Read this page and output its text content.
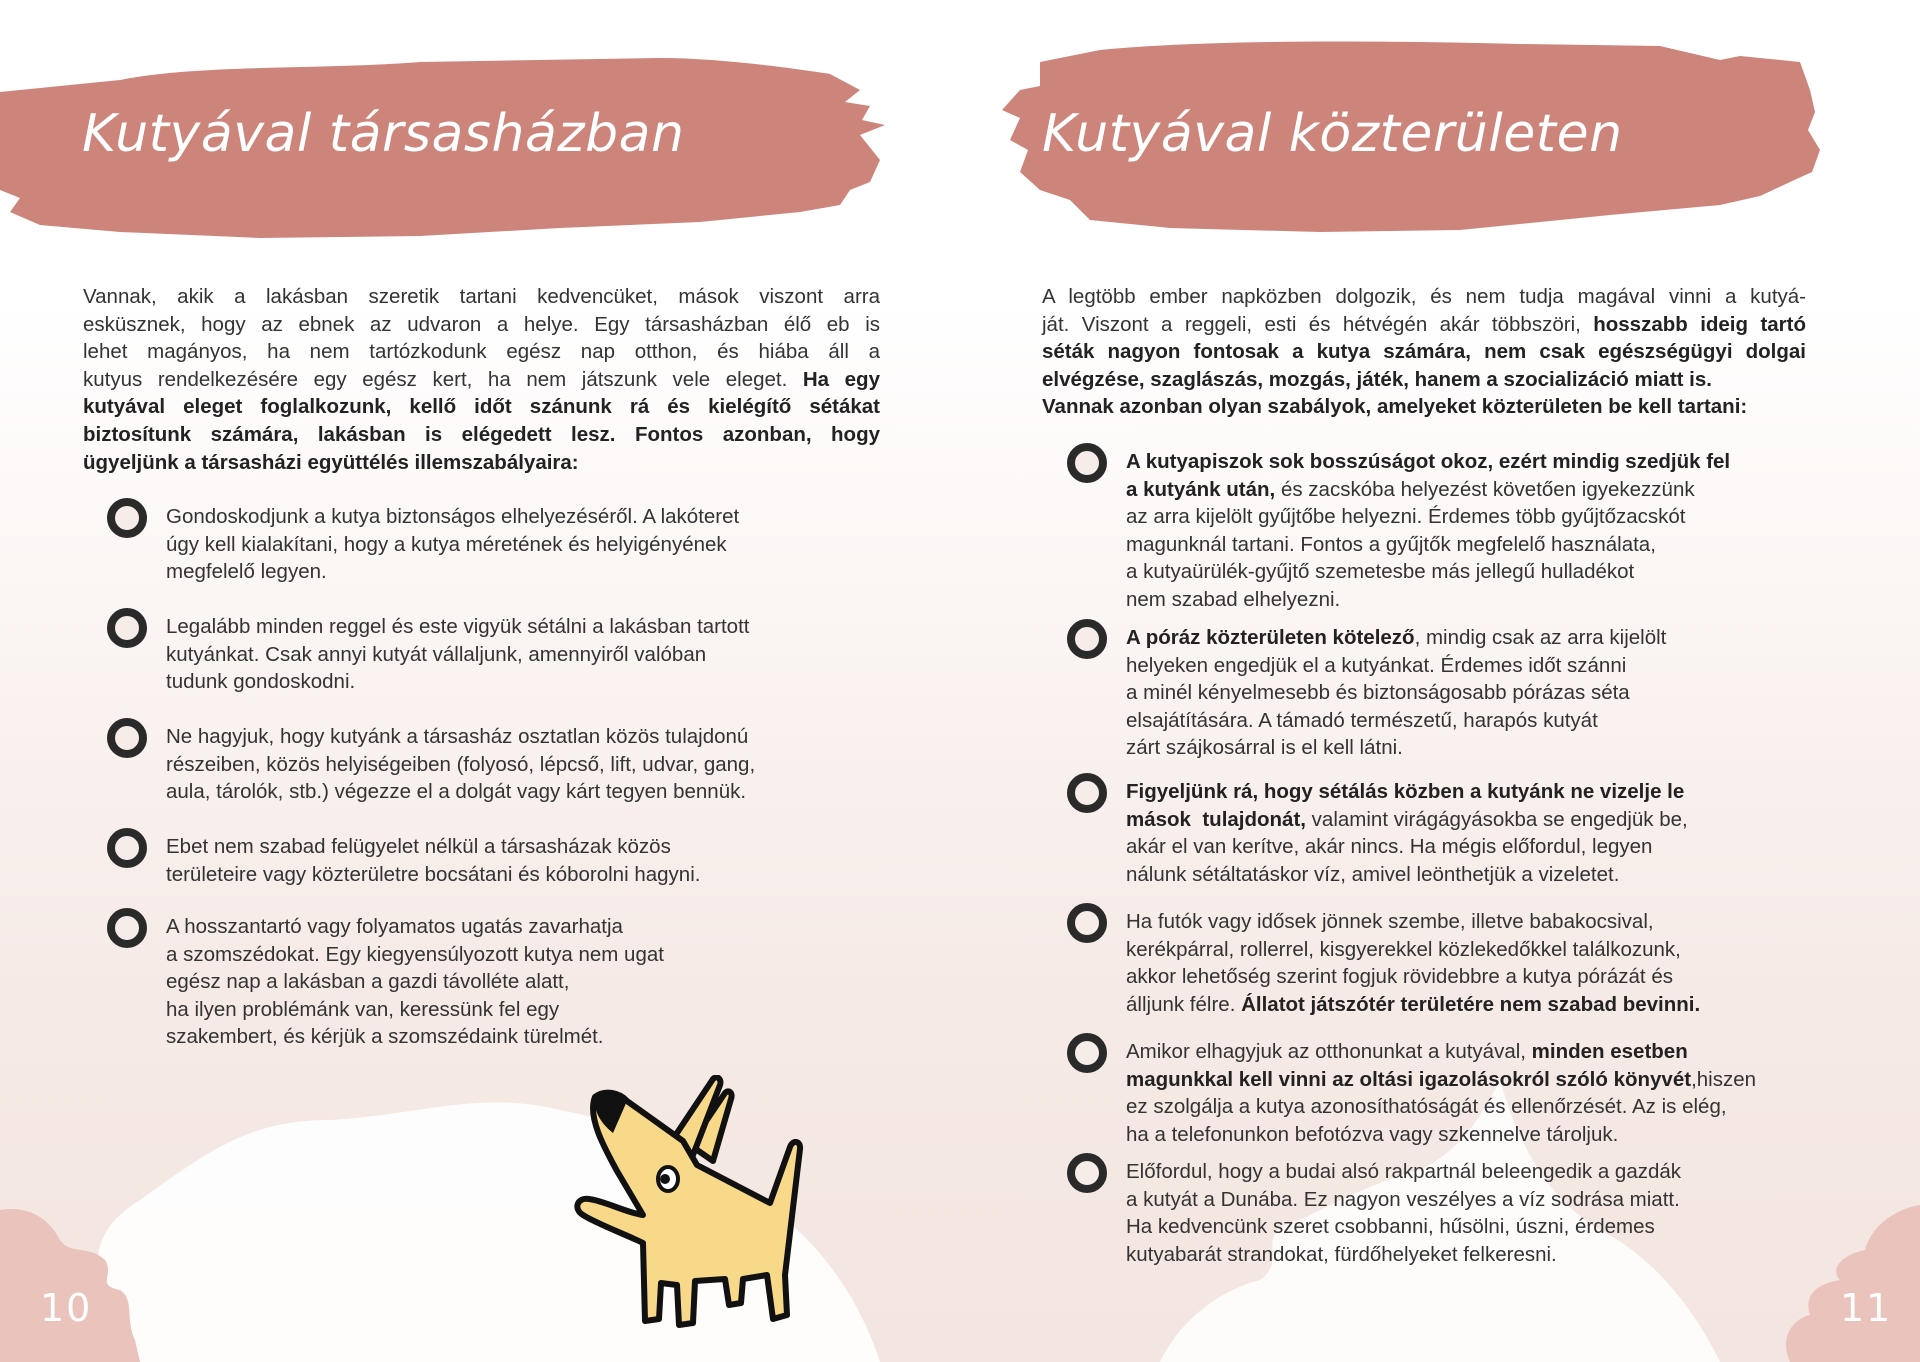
Kutyával társasházban
Vannak, akik a lakásban szeretik tartani kedvencüket, mások viszont arra
esküsznek, hogy az ebnek az udvaron a helye. Egy társasházban élő eb is
lehet magányos, ha nem tartózkodunk egész nap otthon, és hiába áll a
kutyus rendelkezésére egy egész kert, ha nem játszunk vele eleget. Ha egy
kutyával eleget foglalkozunk, kellő időt szánunk rá és kielégítő sétákat
biztosítunk számára, lakásban is elégedett lesz. Fontos azonban, hogy
ügyeljünk a társasházi együttélés illemszabályaira:
Gondoskodjunk a kutya biztonságos elhelyezéséről. A lakóteret
úgy kell kialakítani, hogy a kutya méretének és helyigényének
megfelelő legyen.
Legalább minden reggel és este vigyük sétálni a lakásban tartott
kutyánkat. Csak annyi kutyát vállaljunk, amennyiről valóban
tudunk gondoskodni.
Ne hagyjuk, hogy kutyánk a társasház osztatlan közös tulajdonú
részeiben, közös helyiségeiben (folyosó, lépcső, lift, udvar, gang,
aula, tárolók, stb.) végezze el a dolgát vagy kárt tegyen bennük.
Ebet nem szabad felügyelet nélkül a társasházak közös
területeire vagy közterületre bocsátani és kóborolni hagyni.
A hosszantartó vagy folyamatos ugatás zavarhatja
a szomszédokat. Egy kiegyensúlyozott kutya nem ugat
egész nap a lakásban a gazdi távolléte alatt,
ha ilyen problémánk van, keressünk fel egy
szakembert, és kérjük a szomszédaink türelmét.
10
Kutyával közterületen
A legtöbb ember napközben dolgozik, és nem tudja magával vinni a kutyá-
ját. Viszont a reggeli, esti és hétvégén akár többszöri, hosszabb ideig tartó
séták nagyon fontosak a kutya számára, nem csak egészségügyi dolgai
elvégzése, szaglászás, mozgás, játék, hanem a szocializáció miatt is.
Vannak azonban olyan szabályok, amelyeket közterületen be kell tartani:
A kutyapiszok sok bosszúságot okoz, ezért mindig szedjük fel
a kutyánk után, és zacskóba helyezést követően igyekezzünk
az arra kijelölt gyűjtőbe helyezni. Érdemes több gyűjtőzacskót
magunknál tartani. Fontos a gyűjtők megfelelő használata,
a kutyaürülék-gyűjtő szemetesbe más jellegű hulladékot
nem szabad elhelyezni.
A póráz közterületen kötelező, mindig csak az arra kijelölt
helyeken engedjük el a kutyánkat. Érdemes időt szánni
a minél kényelmesebb és biztonságosabb pórázas séta
elsajátítására. A támadó természetű, harapós kutyát
zárt szájkosárral is el kell látni.
Figyeljünk rá, hogy sétálás közben a kutyánk ne vizelje le
mások  tulajdonát, valamint virágágyásokba se engedjük be,
akár el van kerítve, akár nincs. Ha mégis előfordul, legyen
nálunk sétáltatáskor víz, amivel leönthetjük a vizeletet.
Ha futók vagy idősek jönnek szembe, illetve babakocsival,
kerékpárral, rollerrel, kisgyerekkel közlekedőkkel találkozunk,
akkor lehetőség szerint fogjuk rövidebbre a kutya pórázát és
álljunk félre. Állatot játszótér területére nem szabad bevinni.
Amikor elhagyjuk az otthonunkat a kutyával, minden esetben
magunkkal kell vinni az oltási igazolásokról szóló könyvét,hiszen
ez szolgálja a kutya azonosíthatóságát és ellenőrzését. Az is elég,
ha a telefonunkon befotózva vagy szkennelve tároljuk.
Előfordul, hogy a budai alsó rakpartnál beleengedik a gazdák
a kutyát a Dunába. Ez nagyon veszélyes a víz sodrása miatt.
Ha kedvencünk szeret csobbanni, hűsölni, úszni, érdemes
kutyabarát strandokat, fürdőhelyeket felkeresni.
11
